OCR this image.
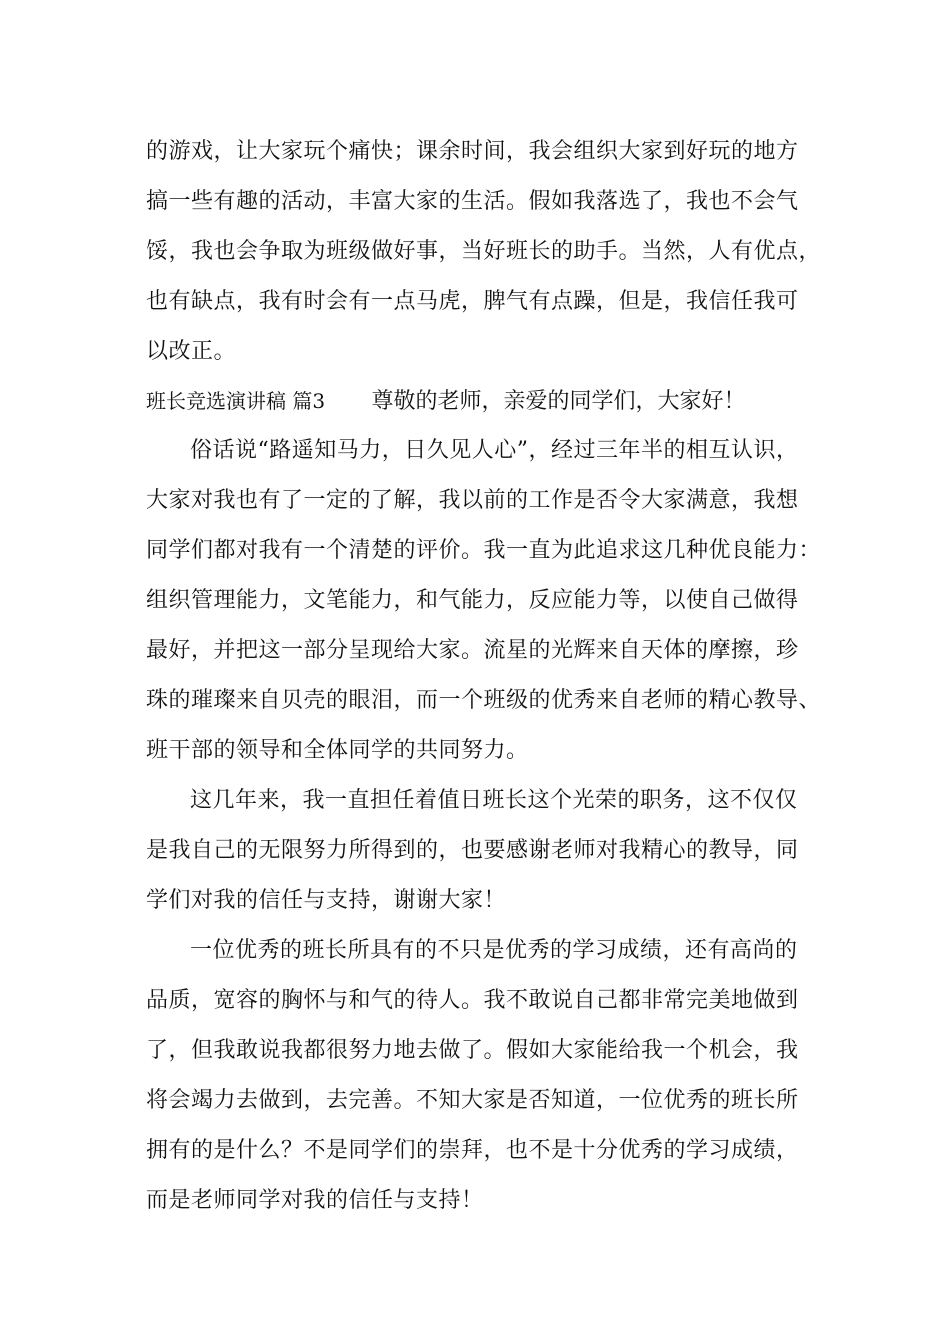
的游戏，让大家玩个痛快；课余时间，我会组织大家到好玩的地方
搞一些有趣的活动，丰富大家的生活。假如我落选了，我也不会气
馁，我也会争取为班级做好事，当好班长的助手。当然，人有优点，
也有缺点，我有时会有一点马虎，脾气有点躁，但是，我信任我可
以改正。
班长竞选演讲稿 篇3 尊敬的老师，亲爱的同学们，大家好！
俗话说“路遥知马力，日久见人心”，经过三年半的相互认识，
大家对我也有了一定的了解，我以前的工作是否令大家满意，我想
同学们都对我有一个清楚的评价。我一直为此追求这几种优良能力：
组织管理能力，文笔能力，和气能力，反应能力等，以使自己做得
最好，并把这一部分呈现给大家。流星的光辉来自天体的摩擦，珍
珠的璀璨来自贝壳的眼泪，而一个班级的优秀来自老师的精心教导、
班干部的领导和全体同学的共同努力。
这几年来，我一直担任着值日班长这个光荣的职务，这不仅仅
是我自己的无限努力所得到的，也要感谢老师对我精心的教导，同
学们对我的信任与支持，谢谢大家！
一位优秀的班长所具有的不只是优秀的学习成绩，还有高尚的
品质，宽容的胸怀与和气的待人。我不敢说自己都非常完美地做到
了，但我敢说我都很努力地去做了。假如大家能给我一个机会，我
将会竭力去做到，去完善。不知大家是否知道，一位优秀的班长所
拥有的是什么？不是同学们的崇拜，也不是十分优秀的学习成绩，
而是老师同学对我的信任与支持！
